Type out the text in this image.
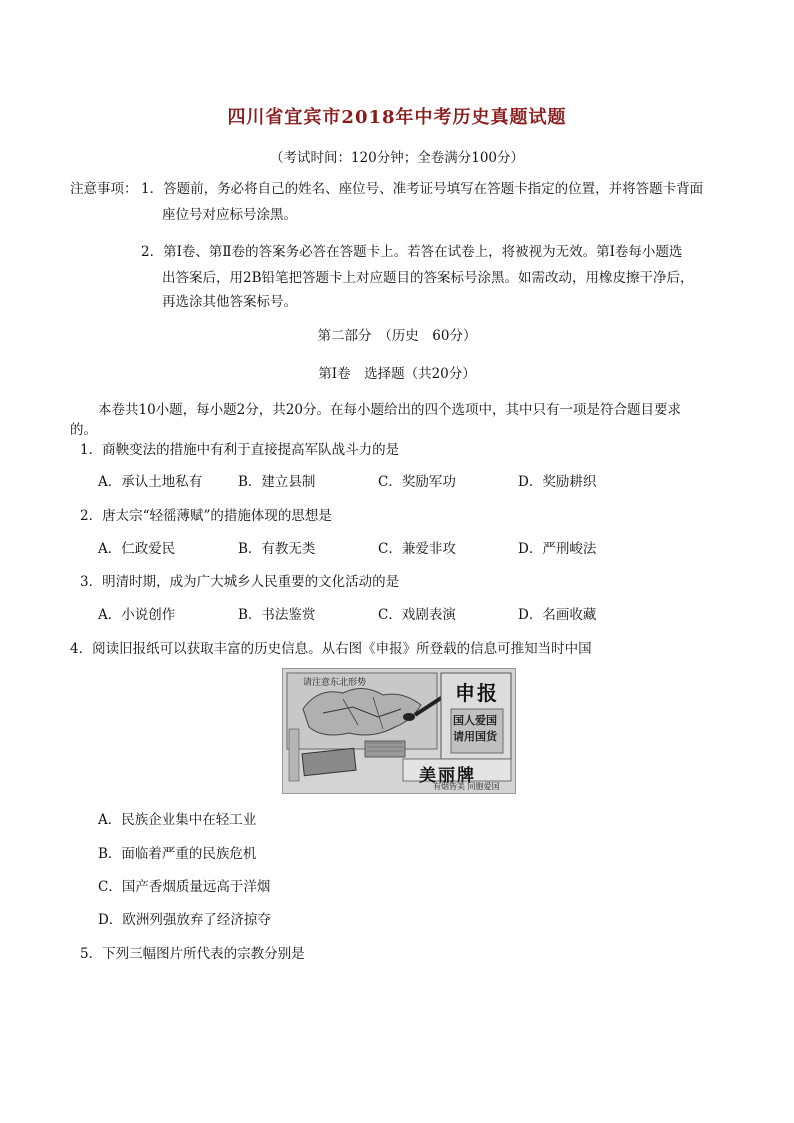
四川省宜宾市2018年中考历史真题试题
（考试时间：120分钟；全卷满分100分）
注意事项： 1．答题前，务必将自己的姓名、座位号、准考证号填写在答题卡指定的位置，并将答题卡背面
座位号对应标号涂黑。
2．第Ⅰ卷、第Ⅱ卷的答案务必答在答题卡上。若答在试卷上，将被视为无效。第Ⅰ卷每小题选
出答案后，用2B铅笔把答题卡上对应题目的答案标号涂黑。如需改动，用橡皮擦干净后，
再选涂其他答案标号。
第二部分　（历史　60分）
第Ⅰ卷　选择题（共20分）
本卷共10小题，每小题2分，共20分。在每小题给出的四个选项中，其中只有一项是符合题目要求
的。
1．商鞅变法的措施中有利于直接提高军队战斗力的是
A．承认土地私有	B．建立县制	C．奖励军功	D．奖励耕织
2．唐太宗“轻徭薄赋”的措施体现的思想是
A．仁政爱民	B．有教无类	C．兼爱非攻	D．严刑峻法
3．明清时期，成为广大城乡人民重要的文化活动的是
A．小说创作	B．书法鉴赏	C．戏剧表演	D．名画收藏
4．阅读旧报纸可以获取丰富的历史信息。从右图《申报》所登载的信息可推知当时中国
请注意东北形势	申报
国人爱国 请用国货
美丽牌
有烟皆美 同胞爱国
A．民族企业集中在轻工业
B．面临着严重的民族危机
C．国产香烟质量远高于洋烟
D．欧洲列强放弃了经济掠夺
5．下列三幅图片所代表的宗教分别是
